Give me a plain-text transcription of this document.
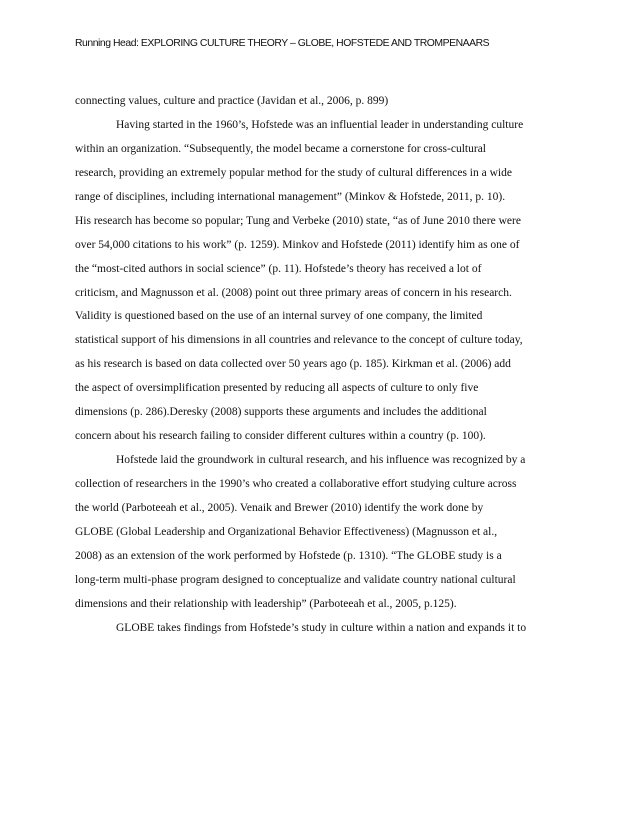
Running Head: EXPLORING CULTURE THEORY – GLOBE, HOFSTEDE AND TROMPENAARS
connecting values, culture and practice (Javidan et al., 2006, p. 899)
Having started in the 1960’s, Hofstede was an influential leader in understanding culture
within an organization. “Subsequently, the model became a cornerstone for cross-cultural
research, providing an extremely popular method for the study of cultural differences in a wide
range of disciplines, including international management” (Minkov & Hofstede, 2011, p. 10).
His research has become so popular; Tung and Verbeke (2010) state, “as of June 2010 there were
over 54,000 citations to his work” (p. 1259). Minkov and Hofstede (2011) identify him as one of
the “most-cited authors in social science” (p. 11). Hofstede’s theory has received a lot of
criticism, and Magnusson et al. (2008) point out three primary areas of concern in his research.
Validity is questioned based on the use of an internal survey of one company, the limited
statistical support of his dimensions in all countries and relevance to the concept of culture today,
as his research is based on data collected over 50 years ago (p. 185). Kirkman et al. (2006) add
the aspect of oversimplification presented by reducing all aspects of culture to only five
dimensions (p. 286).Deresky (2008) supports these arguments and includes the additional
concern about his research failing to consider different cultures within a country (p. 100).
Hofstede laid the groundwork in cultural research, and his influence was recognized by a
collection of researchers in the 1990’s who created a collaborative effort studying culture across
the world (Parboteeah et al., 2005). Venaik and Brewer (2010) identify the work done by
GLOBE (Global Leadership and Organizational Behavior Effectiveness) (Magnusson et al.,
2008) as an extension of the work performed by Hofstede (p. 1310). “The GLOBE study is a
long-term multi-phase program designed to conceptualize and validate country national cultural
dimensions and their relationship with leadership” (Parboteeah et al., 2005, p.125).
GLOBE takes findings from Hofstede’s study in culture within a nation and expands it to
